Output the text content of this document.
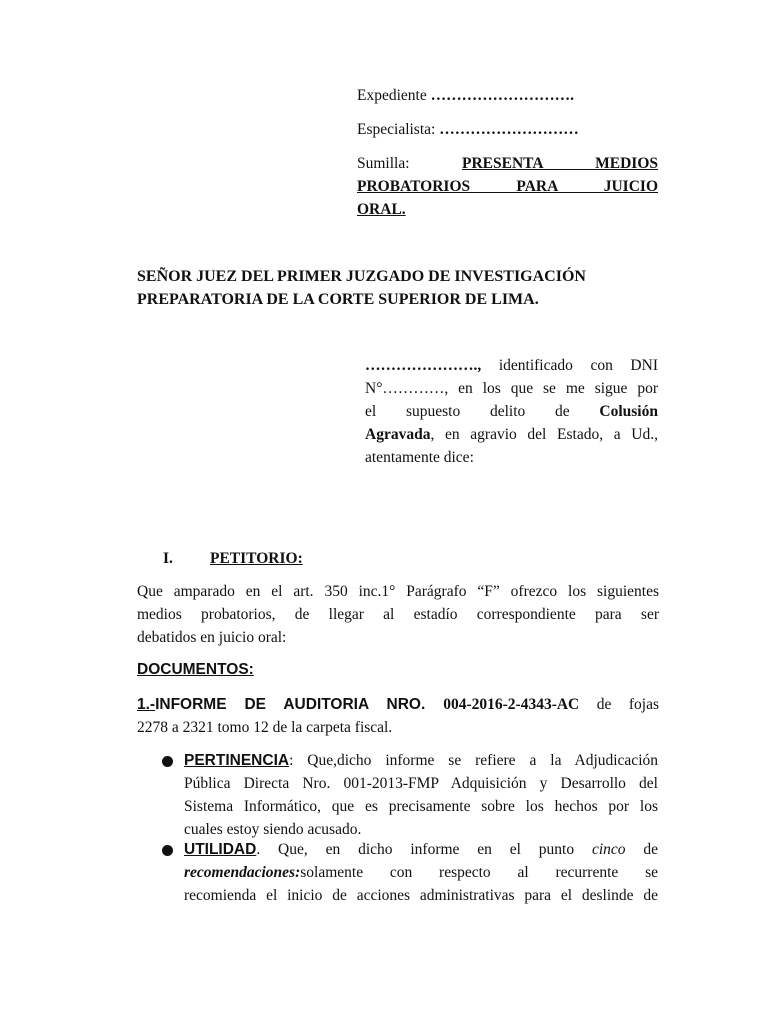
Expediente ……………………….
Especialista: ………………………
Sumilla:	PRESENTA MEDIOS
PROBATORIOS PARA JUICIO
ORAL.
SEÑOR JUEZ DEL PRIMER JUZGADO DE INVESTIGACIÓN
PREPARATORIA DE LA CORTE SUPERIOR DE LIMA.
…………………., identificado con DNI
N°…………, en los que se me sigue por
el supuesto delito de Colusión
Agravada, en agravio del Estado, a Ud.,
atentamente dice:
I. PETITORIO:
Que amparado en el art. 350 inc.1° Parágrafo “F” ofrezco los siguientes
medios probatorios, de llegar al estadío correspondiente para ser
debatidos en juicio oral:
DOCUMENTOS:
1.-INFORME DE AUDITORIA NRO. 004-2016-2-4343-AC de fojas
2278 a 2321 tomo 12 de la carpeta fiscal.
PERTINENCIA: Que,dicho informe se refiere a la Adjudicación
Pública Directa Nro. 001-2013-FMP Adquisición y Desarrollo del
Sistema Informático, que es precisamente sobre los hechos por los
cuales estoy siendo acusado.
UTILIDAD. Que, en dicho informe en el punto cinco de
recomendaciones:solamente con respecto al recurrente se
recomienda el inicio de acciones administrativas para el deslinde de
